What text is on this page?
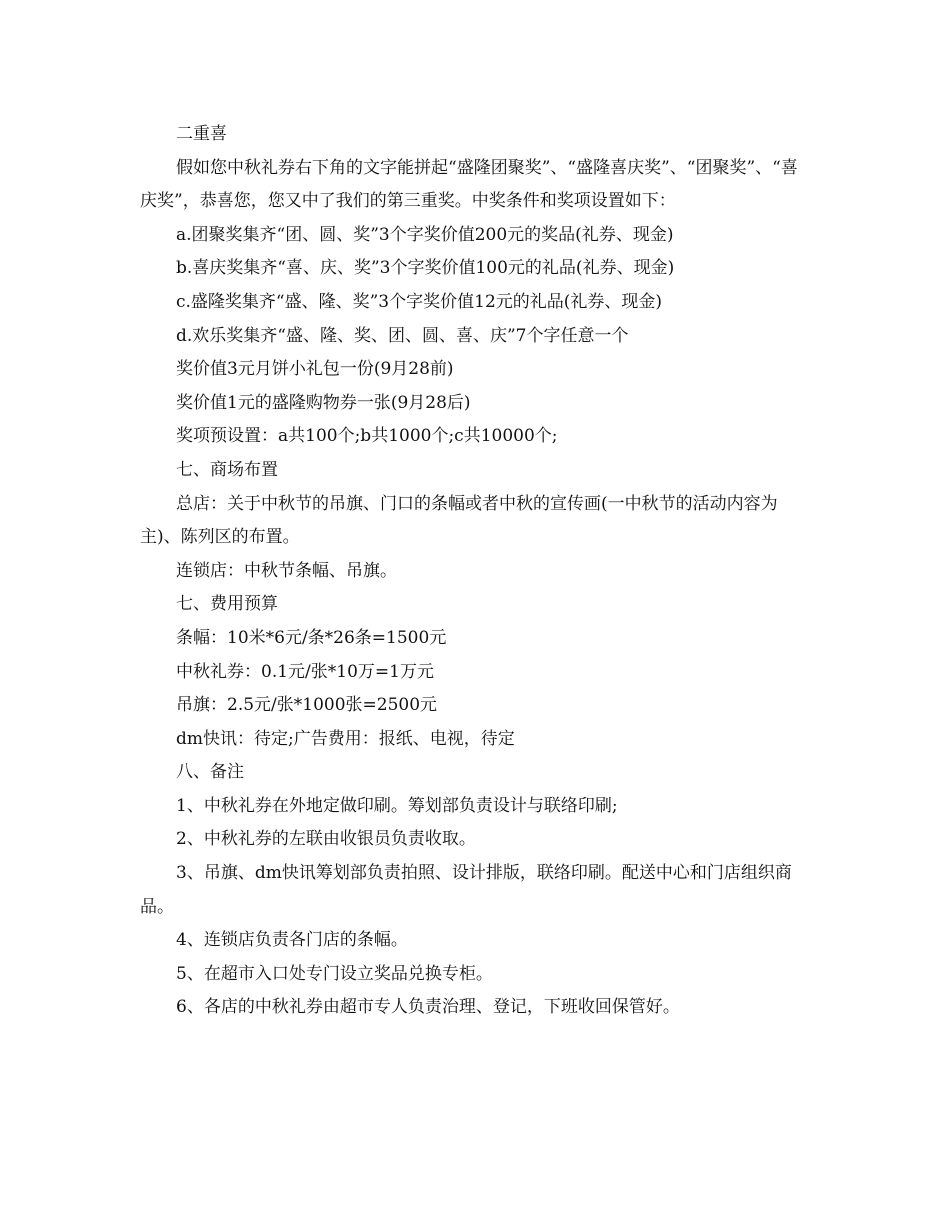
二重喜

假如您中秋礼券右下角的文字能拼起“盛隆团聚奖”、“盛隆喜庆奖”、“团聚奖”、“喜庆奖”，恭喜您，您又中了我们的第三重奖。中奖条件和奖项设置如下：

a.团聚奖集齐“团、圆、奖”3个字奖价值200元的奖品(礼券、现金)

b.喜庆奖集齐“喜、庆、奖”3个字奖价值100元的礼品(礼券、现金)

c.盛隆奖集齐“盛、隆、奖”3个字奖价值12元的礼品(礼券、现金)

d.欢乐奖集齐“盛、隆、奖、团、圆、喜、庆”7个字任意一个

奖价值3元月饼小礼包一份(9月28前)

奖价值1元的盛隆购物券一张(9月28后)

奖项预设置：a共100个;b共1000个;c共10000个;

七、商场布置

总店：关于中秋节的吊旗、门口的条幅或者中秋的宣传画(一中秋节的活动内容为主)、陈列区的布置。

连锁店：中秋节条幅、吊旗。

七、费用预算

条幅：10米*6元/条*26条=1500元

中秋礼券：0.1元/张*10万=1万元

吊旗：2.5元/张*1000张=2500元

dm快讯：待定;广告费用：报纸、电视，待定

八、备注

1、中秋礼券在外地定做印刷。筹划部负责设计与联络印刷;

2、中秋礼券的左联由收银员负责收取。

3、吊旗、dm快讯筹划部负责拍照、设计排版，联络印刷。配送中心和门店组织商品。

4、连锁店负责各门店的条幅。

5、在超市入口处专门设立奖品兑换专柜。

6、各店的中秋礼券由超市专人负责治理、登记，下班收回保管好。
